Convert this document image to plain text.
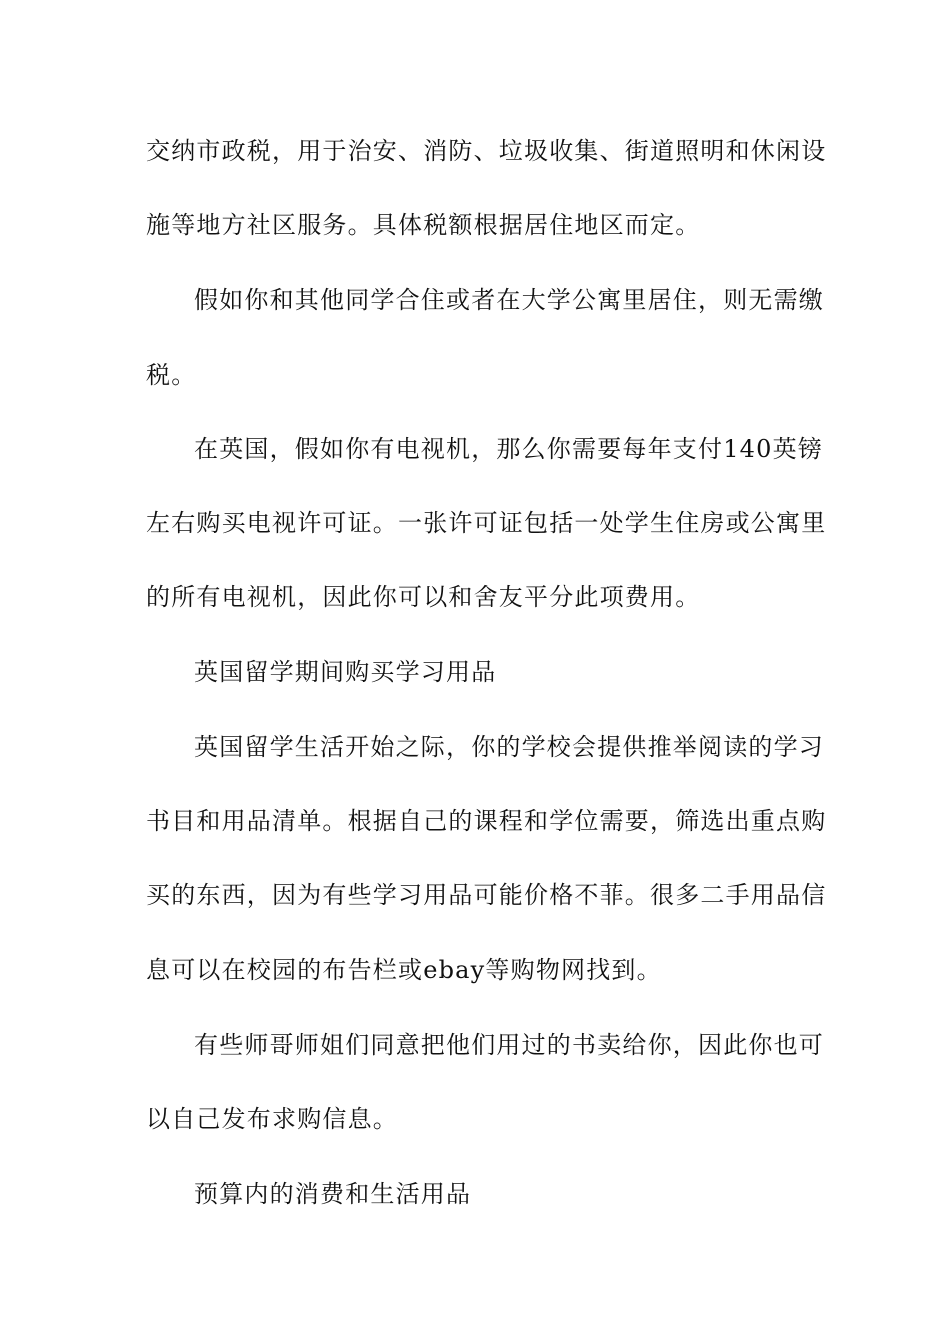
交纳市政税，用于治安、消防、垃圾收集、街道照明和休闲设
施等地方社区服务。具体税额根据居住地区而定。
假如你和其他同学合住或者在大学公寓里居住，则无需缴
税。
在英国，假如你有电视机，那么你需要每年支付140英镑
左右购买电视许可证。一张许可证包括一处学生住房或公寓里
的所有电视机，因此你可以和舍友平分此项费用。
英国留学期间购买学习用品
英国留学生活开始之际，你的学校会提供推举阅读的学习
书目和用品清单。根据自己的课程和学位需要，筛选出重点购
买的东西，因为有些学习用品可能价格不菲。很多二手用品信
息可以在校园的布告栏或ebay等购物网找到。
有些师哥师姐们同意把他们用过的书卖给你，因此你也可
以自己发布求购信息。
预算内的消费和生活用品
